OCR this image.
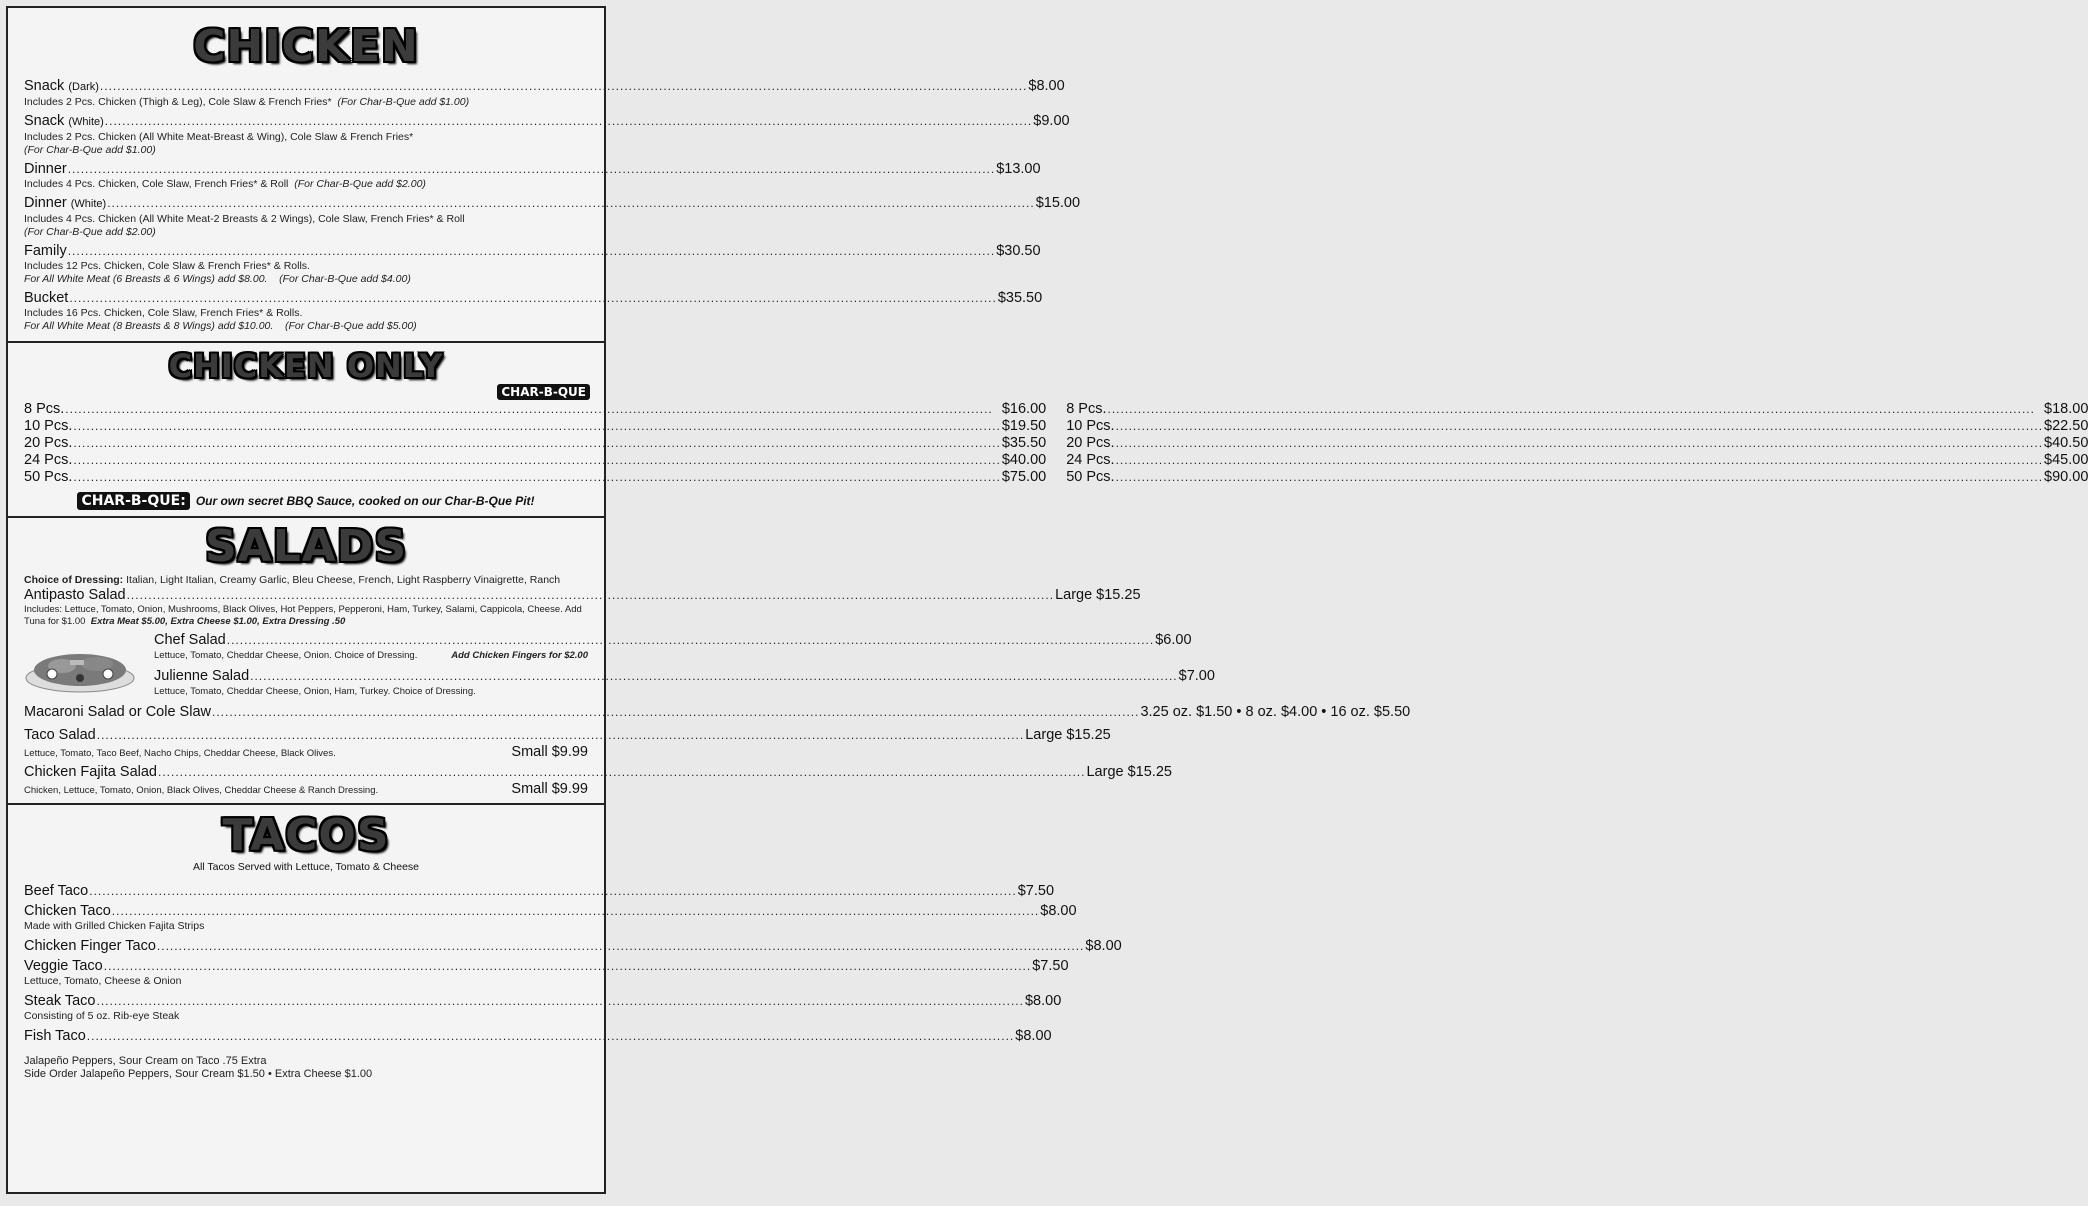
CHICKEN
Snack (Dark) .....	$8.00
Includes 2 Pcs. Chicken (Thigh & Leg), Cole Slaw & French Fries* (For Char-B-Que add $1.00)
Snack (White) .....	$9.00
Includes 2 Pcs. Chicken (All White Meat-Breast & Wing), Cole Slaw & French Fries*
(For Char-B-Que add $1.00)
Dinner .....	$13.00
Includes 4 Pcs. Chicken, Cole Slaw, French Fries* & Roll (For Char-B-Que add $2.00)
Dinner (White) .....	$15.00
Includes 4 Pcs. Chicken (All White Meat-2 Breasts & 2 Wings), Cole Slaw, French Fries* & Roll
(For Char-B-Que add $2.00)
Family .....	$30.50
Includes 12 Pcs. Chicken, Cole Slaw & French Fries* & Rolls.
For All White Meat (6 Breasts & 6 Wings) add $8.00.    (For Char-B-Que add $4.00)
Bucket .....	$35.50
Includes 16 Pcs. Chicken, Cole Slaw, French Fries* & Rolls.
For All White Meat (8 Breasts & 8 Wings) add $10.00.    (For Char-B-Que add $5.00)
CHICKEN ONLY
CHAR-B-QUE
8 Pcs. .....	$16.00
10 Pcs. .....	$19.50
20 Pcs. .....	$35.50
24 Pcs. .....	$40.00
50 Pcs. .....	$75.00
8 Pcs. .....	$18.00
10 Pcs. .....	$22.50
20 Pcs. .....	$40.50
24 Pcs. .....	$45.00
50 Pcs. .....	$90.00
CHAR-B-QUE: Our own secret BBQ Sauce, cooked on our Char-B-Que Pit!
SALADS
Choice of Dressing: Italian, Light Italian, Creamy Garlic, Bleu Cheese, French, Light Raspberry Vinaigrette, Ranch
Antipasto Salad .....	Large $15.25
Includes: Lettuce, Tomato, Onion, Mushrooms, Black Olives, Hot Peppers, Pepperoni, Ham, Turkey, Salami, Cappicola, Cheese. Add Tuna for $1.00 Extra Meat $5.00, Extra Cheese $1.00, Extra Dressing .50
Chef Salad .....	$6.00
Lettuce, Tomato, Cheddar Cheese, Onion. Choice of Dressing.	Add Chicken Fingers for $2.00
Julienne Salad .....	$7.00
Lettuce, Tomato, Cheddar Cheese, Onion, Ham, Turkey. Choice of Dressing.
Macaroni Salad or Cole Slaw .....	3.25 oz. $1.50 • 8 oz. $4.00 • 16 oz. $5.50
Taco Salad .....	Large $15.25
Lettuce, Tomato, Taco Beef, Nacho Chips, Cheddar Cheese, Black Olives.	Small $9.99
Chicken Fajita Salad .....	Large $15.25
Chicken, Lettuce, Tomato, Onion, Black Olives, Cheddar Cheese & Ranch Dressing.	Small $9.99
TACOS
All Tacos Served with Lettuce, Tomato & Cheese
Beef Taco .....	$7.50
Chicken Taco .....	$8.00
Made with Grilled Chicken Fajita Strips
Chicken Finger Taco .....	$8.00
Veggie Taco .....	$7.50
Lettuce, Tomato, Cheese & Onion
Steak Taco .....	$8.00
Consisting of 5 oz. Rib-eye Steak
Fish Taco .....	$8.00
Jalapeño Peppers, Sour Cream on Taco .75 Extra
Side Order Jalapeño Peppers, Sour Cream $1.50 • Extra Cheese $1.00
